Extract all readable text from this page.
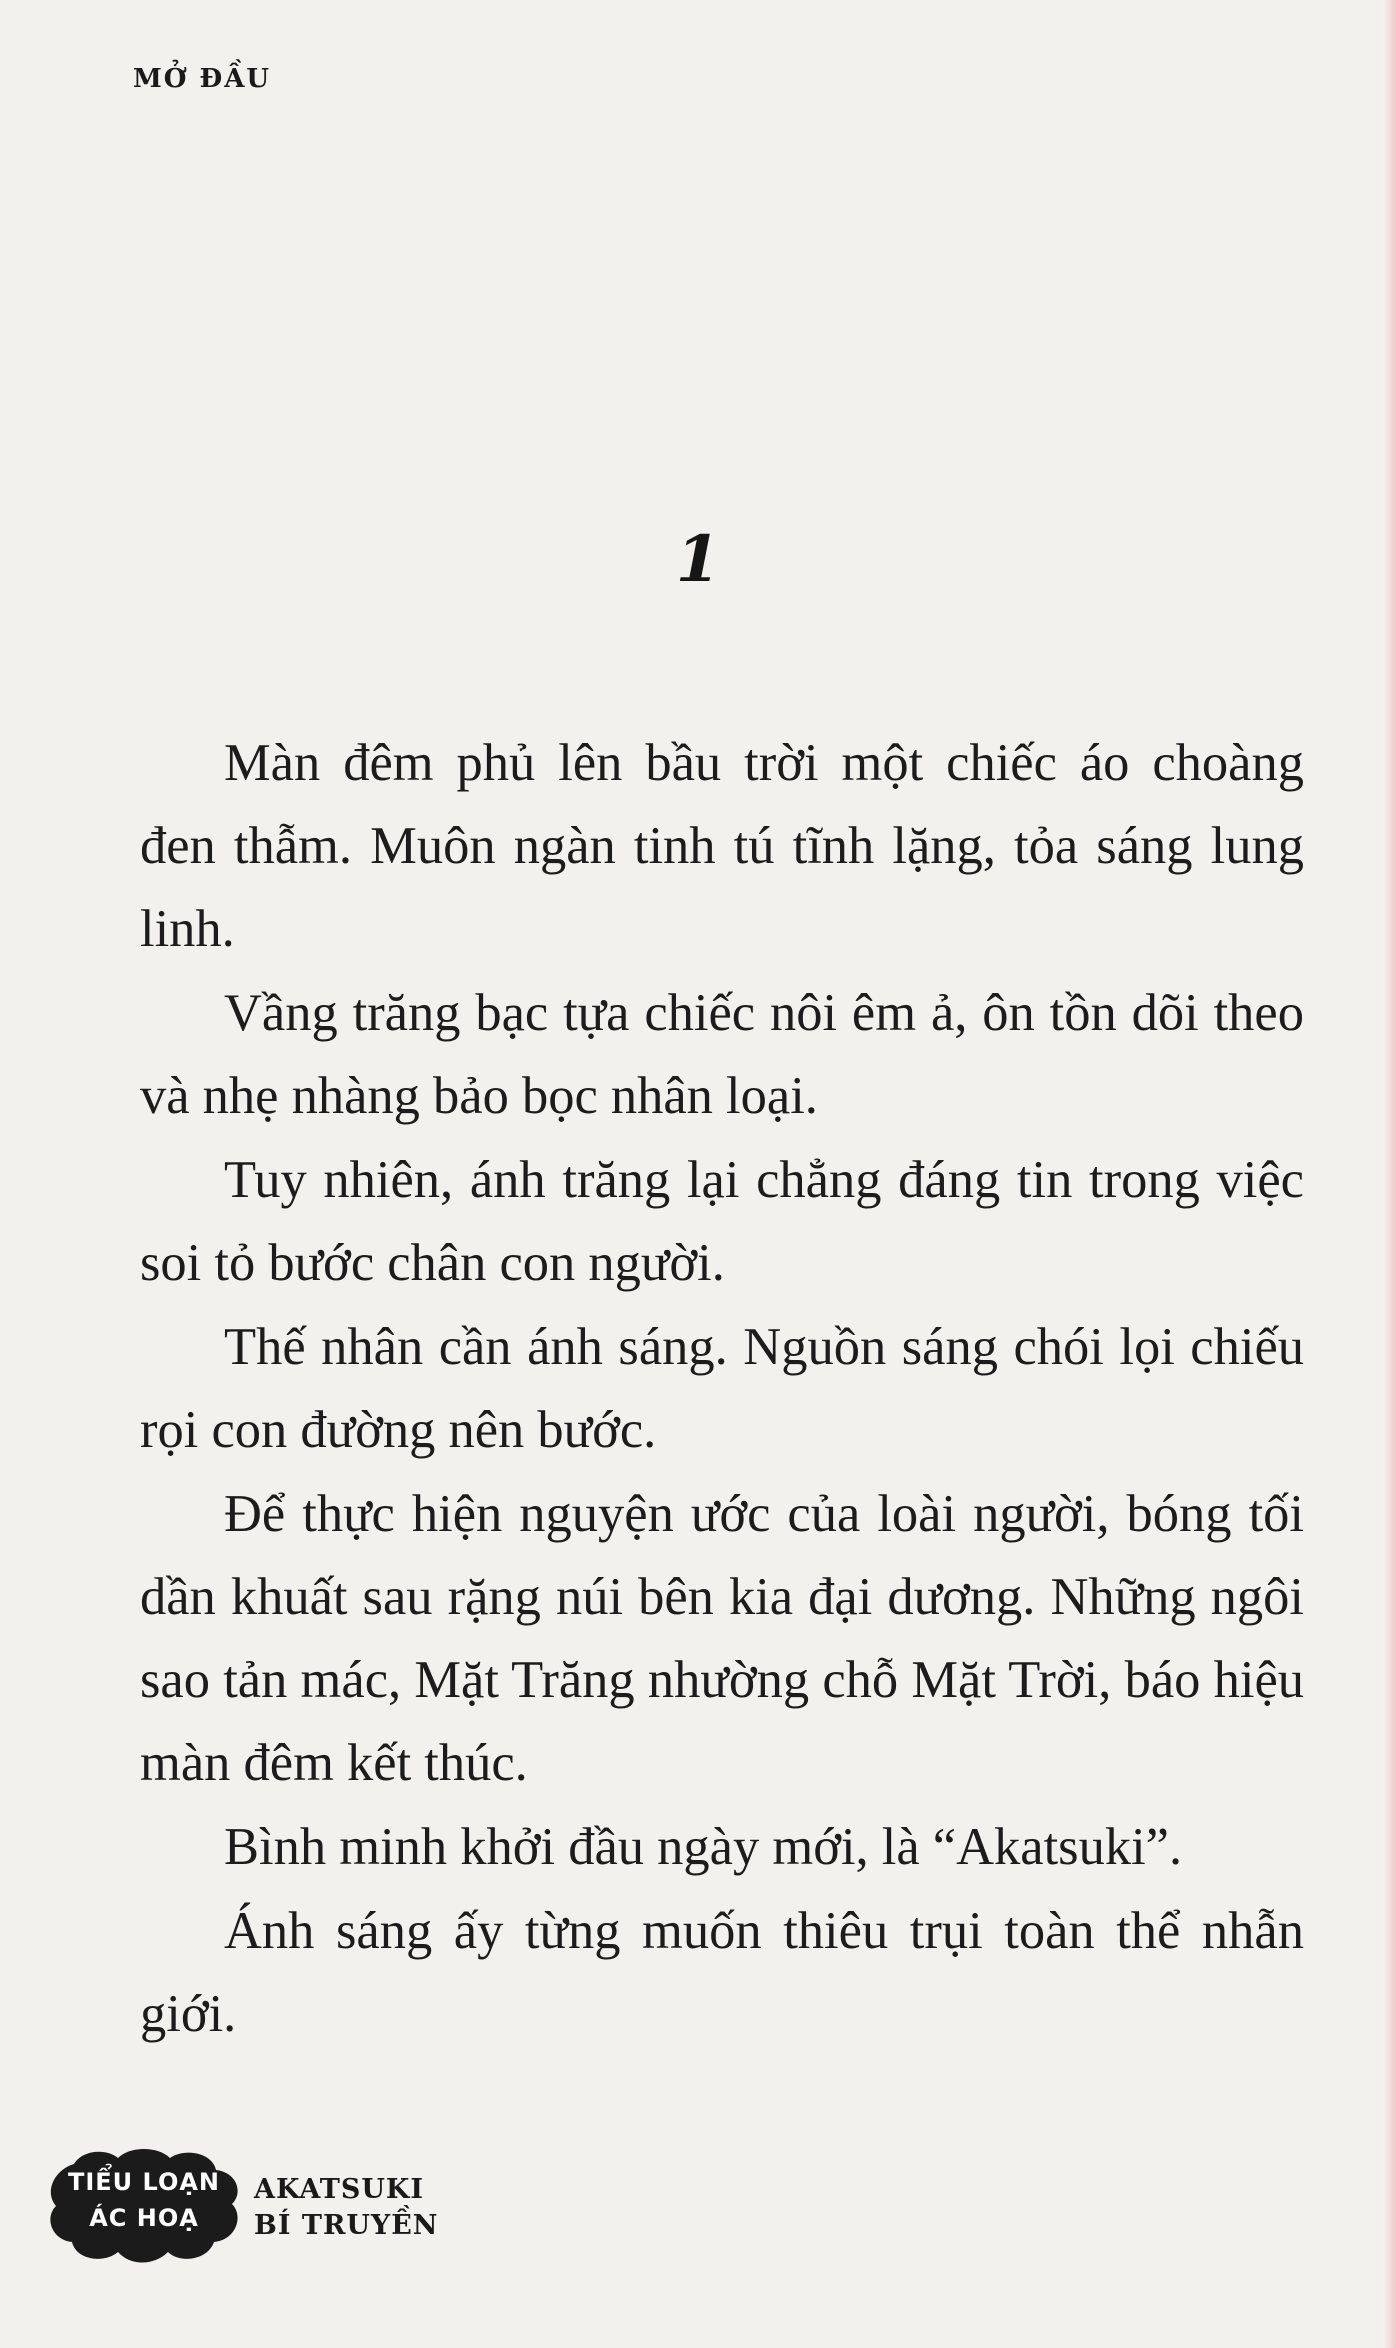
MỞ ĐẦU
1

Màn đêm phủ lên bầu trời một chiếc áo choàng đen thẫm. Muôn ngàn tinh tú tĩnh lặng, tỏa sáng lung linh.

Vầng trăng bạc tựa chiếc nôi êm ả, ôn tồn dõi theo và nhẹ nhàng bảo bọc nhân loại.

Tuy nhiên, ánh trăng lại chẳng đáng tin trong việc soi tỏ bước chân con người.

Thế nhân cần ánh sáng. Nguồn sáng chói lọi chiếu rọi con đường nên bước.

Để thực hiện nguyện ước của loài người, bóng tối dần khuất sau rặng núi bên kia đại dương. Những ngôi sao tản mác, Mặt Trăng nhường chỗ Mặt Trời, báo hiệu màn đêm kết thúc.

Bình minh khởi đầu ngày mới, là “Akatsuki”.

Ánh sáng ấy từng muốn thiêu trụi toàn thể nhẫn giới.

TIỂU LOẠN
ÁC HOẠ
AKATSUKI
BÍ TRUYỀN
